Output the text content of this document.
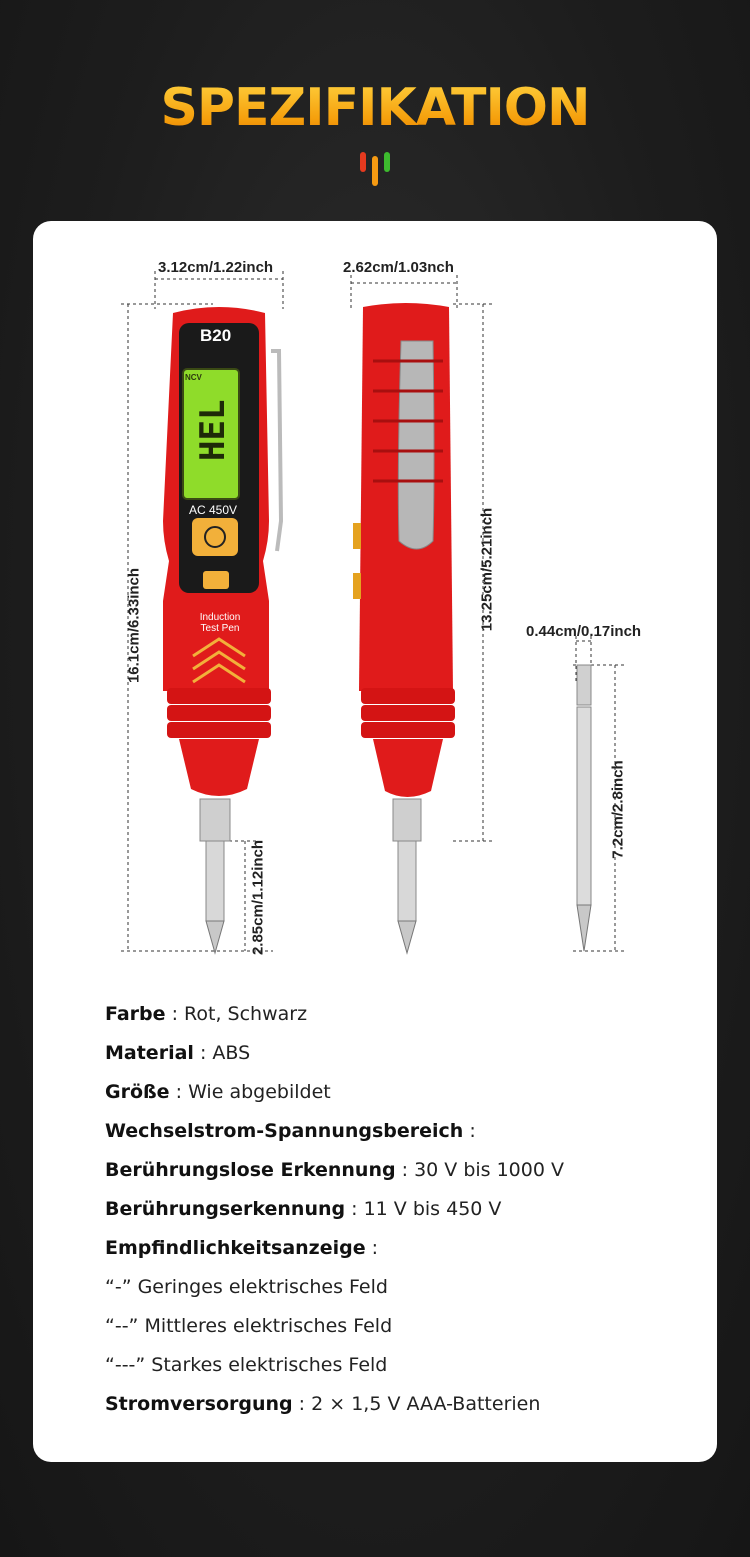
SPEZIFIKATION
B20
NCV
HEL
AC 450V
Induction
Test Pen
3.12cm/1.22inch	2.62cm/1.03nch
16.1cm/6.33inch	13.25cm/5.21inch
2.85cm/1.12inch
0.44cm/0.17inch
7.2cm/2.8inch
Farbe : Rot, Schwarz
Material : ABS
Größe : Wie abgebildet
Wechselstrom-Spannungsbereich :
Berührungslose Erkennung : 30 V bis 1000 V
Berührungserkennung : 11 V bis 450 V
Empfindlichkeitsanzeige :
“-” Geringes elektrisches Feld
“--” Mittleres elektrisches Feld
“---” Starkes elektrisches Feld
Stromversorgung : 2 × 1,5 V AAA-Batterien
